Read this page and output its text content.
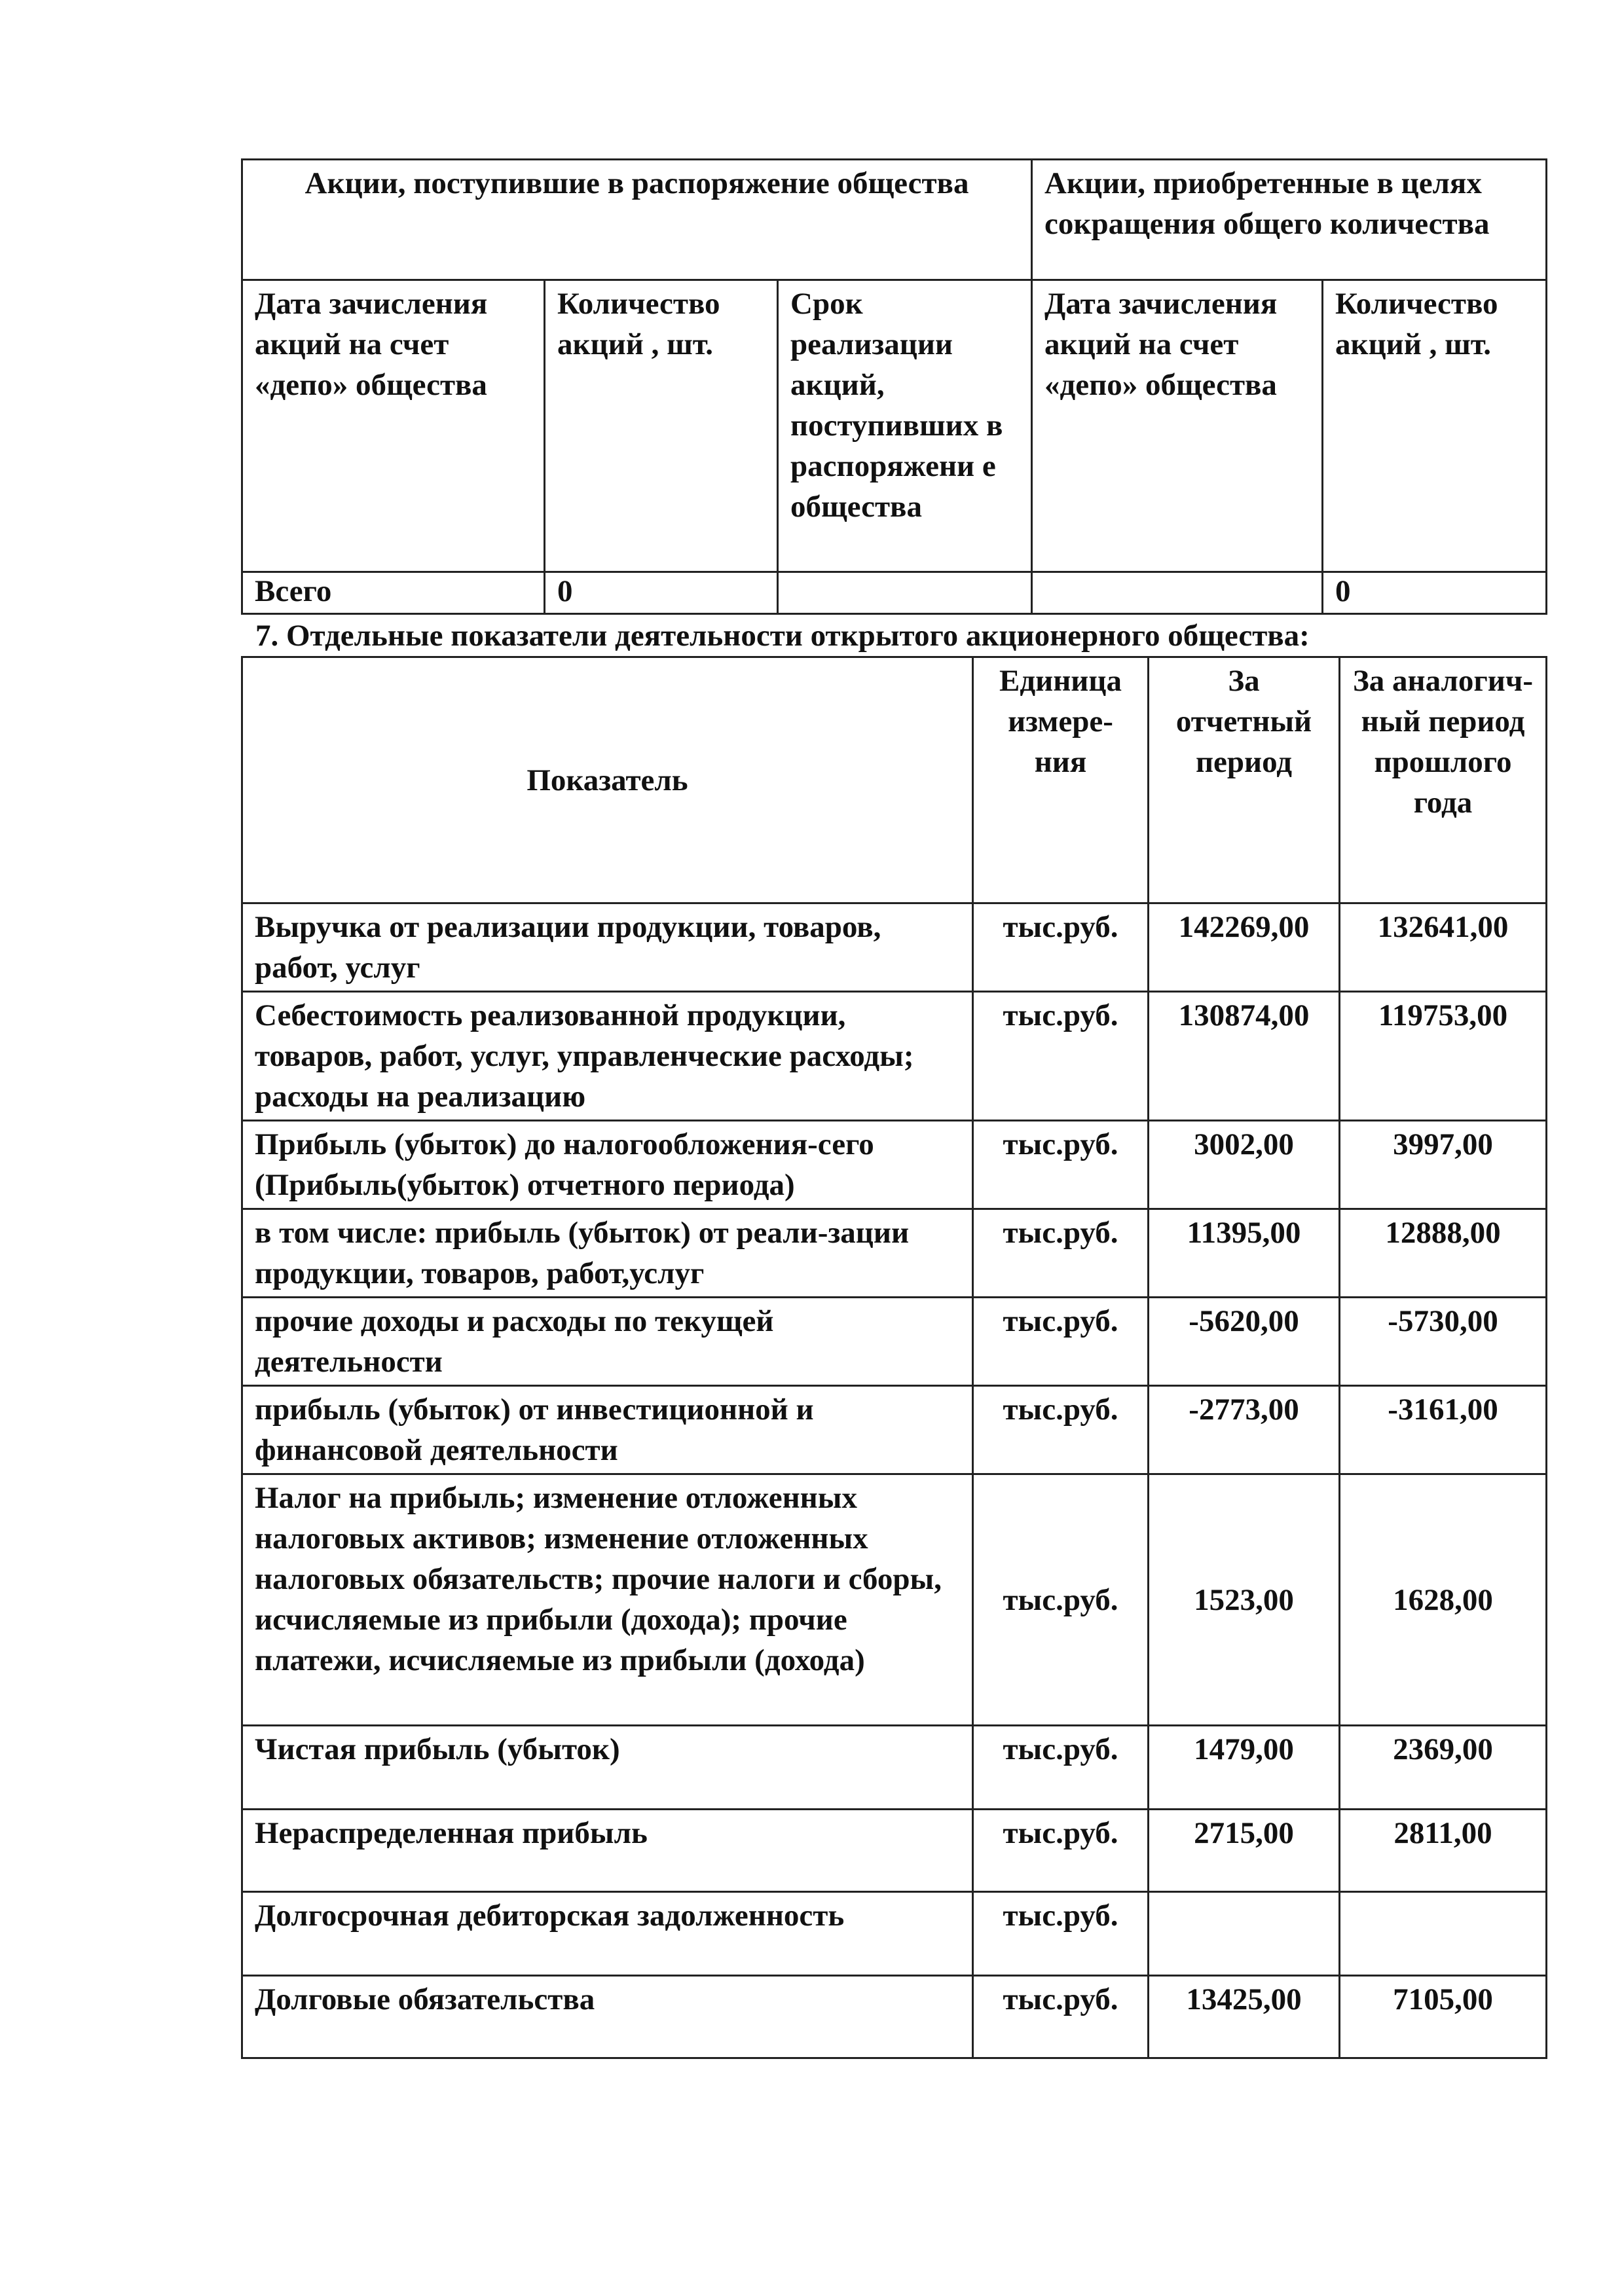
Акции, поступившие в распоряжение общества			Акции, приобретенные в целях сокращения общего количества	
Дата зачисления акций на счет «депо» общества	Количество акций , шт.	Срок реализации акций, поступивших в распоряжени е общества	Дата зачисления акций на счет «депо» общества	Количество акций , шт.
Всего	0			0
7. Отдельные показатели деятельности открытого акционерного общества:
Показатель	Единица измере-ния	За отчетный период	За аналогич-ный период прошлого года
Выручка от реализации продукции, товаров, работ, услуг	тыс.руб.	142269,00	132641,00
Себестоимость реализованной продукции, товаров, работ, услуг, управленческие расходы; расходы на реализацию	тыс.руб.	130874,00	119753,00
Прибыль (убыток) до налогообложения-сего (Прибыль(убыток) отчетного периода)	тыс.руб.	3002,00	3997,00
в том числе: прибыль (убыток) от реали-зации продукции, товаров, работ,услуг	тыс.руб.	11395,00	12888,00
прочие доходы и расходы по текущей деятельности	тыс.руб.	-5620,00	-5730,00
прибыль (убыток) от инвестиционной и финансовой деятельности	тыс.руб.	-2773,00	-3161,00
Налог на прибыль; изменение отложенных налоговых активов; изменение отложенных налоговых обязательств; прочие налоги и сборы, исчисляемые из прибыли (дохода); прочие платежи, исчисляемые из прибыли (дохода)	тыс.руб.	1523,00	1628,00
Чистая прибыль (убыток)	тыс.руб.	1479,00	2369,00
Нераспределенная прибыль	тыс.руб.	2715,00	2811,00
Долгосрочная дебиторская задолженность	тыс.руб.		
Долговые обязательства	тыс.руб.	13425,00	7105,00
